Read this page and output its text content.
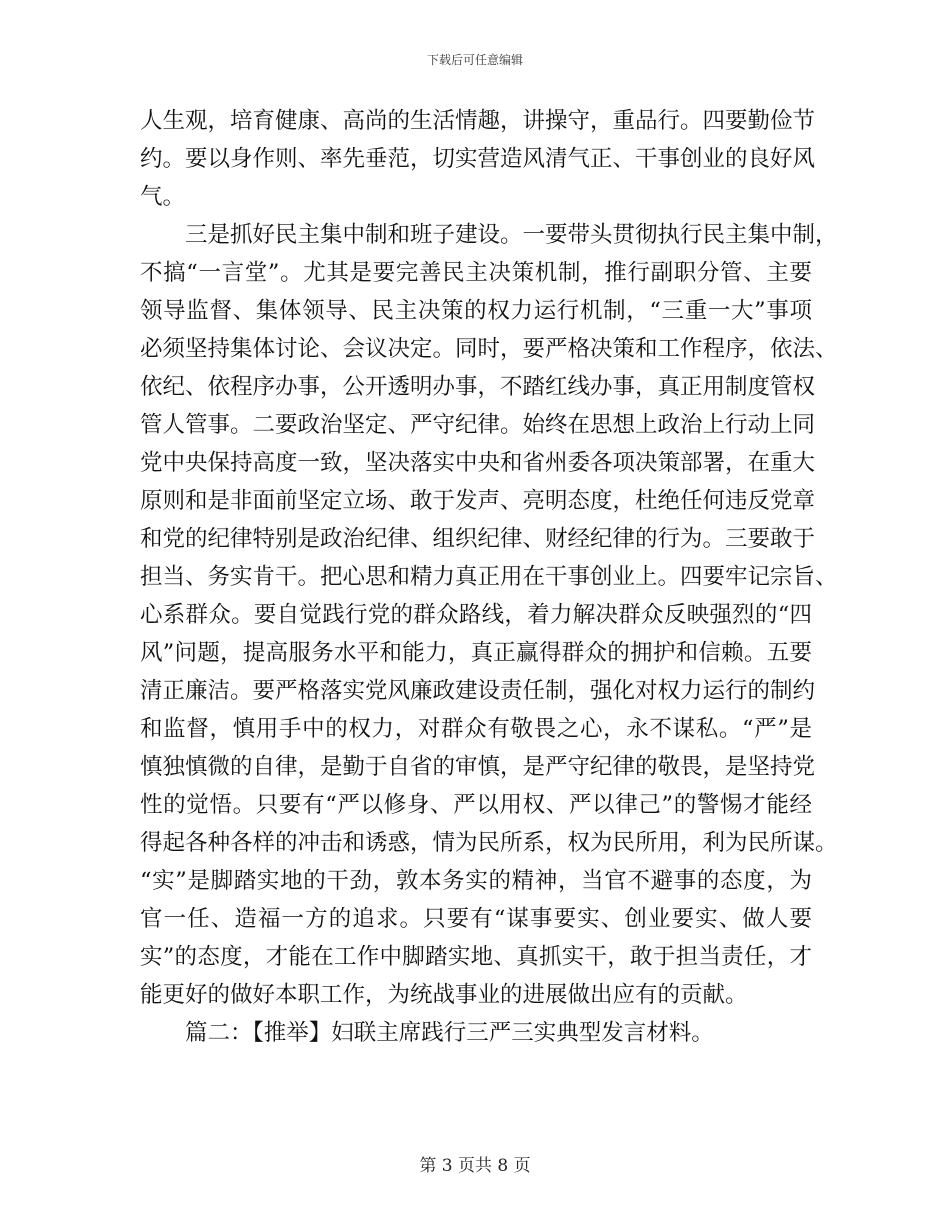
下载后可任意编辑
人生观，培育健康、高尚的生活情趣，讲操守，重品行。四要勤俭节
约。要以身作则、率先垂范，切实营造风清气正、干事创业的良好风
气。
三是抓好民主集中制和班子建设。一要带头贯彻执行民主集中制，
不搞“一言堂”。尤其是要完善民主决策机制，推行副职分管、主要
领导监督、集体领导、民主决策的权力运行机制，“三重一大”事项
必须坚持集体讨论、会议决定。同时，要严格决策和工作程序，依法、
依纪、依程序办事，公开透明办事，不踏红线办事，真正用制度管权
管人管事。二要政治坚定、严守纪律。始终在思想上政治上行动上同
党中央保持高度一致，坚决落实中央和省州委各项决策部署，在重大
原则和是非面前坚定立场、敢于发声、亮明态度，杜绝任何违反党章
和党的纪律特别是政治纪律、组织纪律、财经纪律的行为。三要敢于
担当、务实肯干。把心思和精力真正用在干事创业上。四要牢记宗旨、
心系群众。要自觉践行党的群众路线，着力解决群众反映强烈的“四
风”问题，提高服务水平和能力，真正赢得群众的拥护和信赖。五要
清正廉洁。要严格落实党风廉政建设责任制，强化对权力运行的制约
和监督，慎用手中的权力，对群众有敬畏之心，永不谋私。“严”是
慎独慎微的自律，是勤于自省的审慎，是严守纪律的敬畏，是坚持党
性的觉悟。只要有“严以修身、严以用权、严以律己”的警惕才能经
得起各种各样的冲击和诱惑，情为民所系，权为民所用，利为民所谋。
“实”是脚踏实地的干劲，敦本务实的精神，当官不避事的态度，为
官一任、造福一方的追求。只要有“谋事要实、创业要实、做人要
实”的态度，才能在工作中脚踏实地、真抓实干，敢于担当责任，才
能更好的做好本职工作，为统战事业的进展做出应有的贡献。
篇二：【推举】妇联主席践行三严三实典型发言材料。
第 3 页共 8 页
